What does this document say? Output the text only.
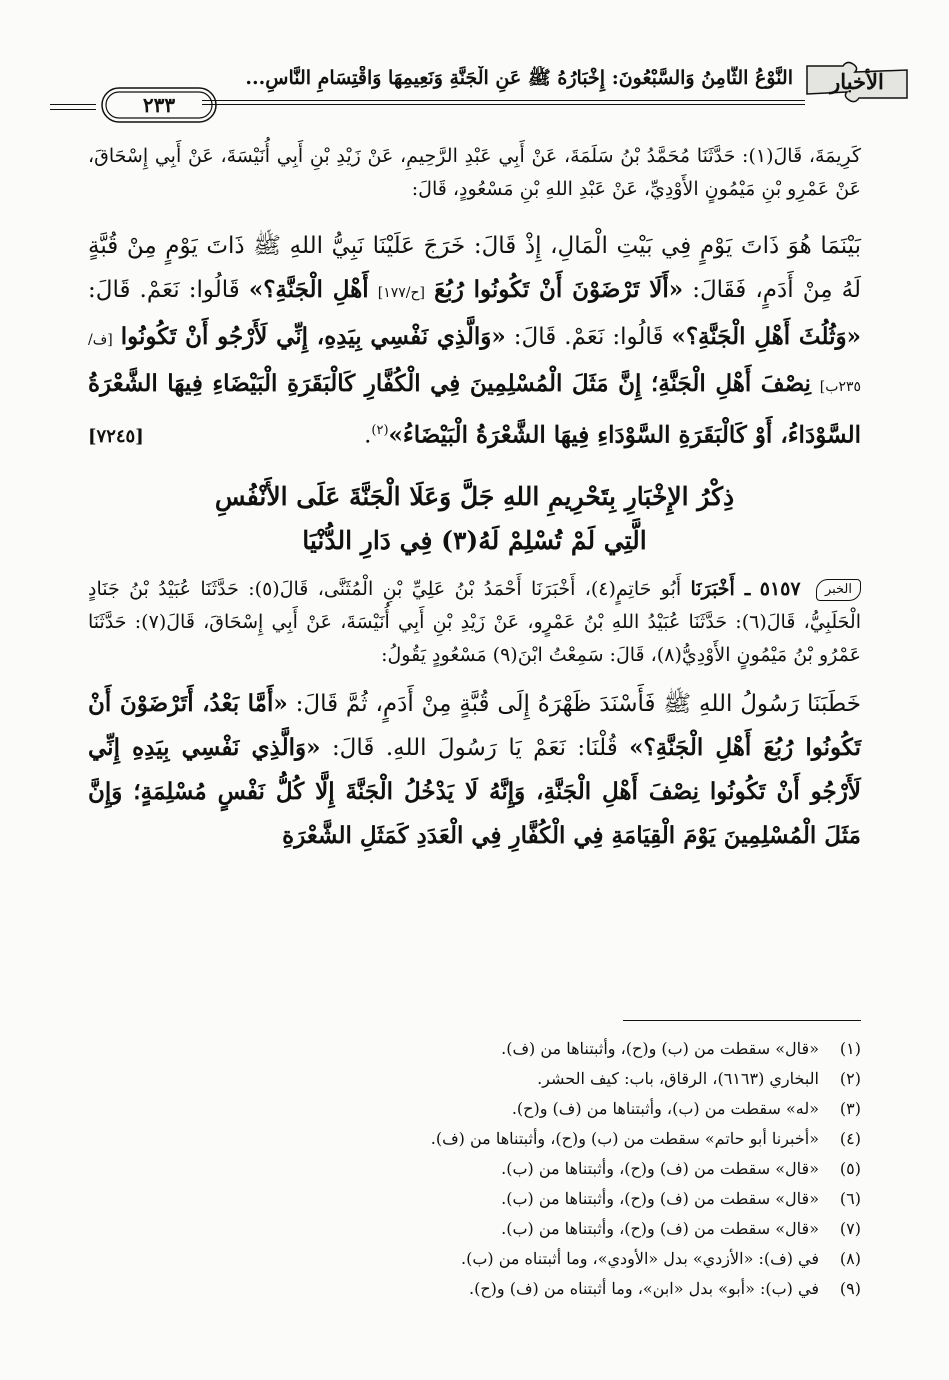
الأخبار
النَّوْعُ الثَّامِنُ وَالسَّبْعُونَ: إِخْبَارُهُ ﷺ عَنِ الْجَنَّةِ وَنَعِيمِهَا وَاقْتِسَامِ النَّاسِ...
٢٣٣

كَرِيمَةَ، قَالَ(١): حَدَّثَنَا مُحَمَّدُ بْنُ سَلَمَةَ، عَنْ أَبِي عَبْدِ الرَّحِيمِ، عَنْ زَيْدِ بْنِ أَبِي أُنَيْسَةَ، عَنْ أَبِي إِسْحَاقَ، عَنْ عَمْرِو بْنِ مَيْمُونٍ الأَوْدِيِّ، عَنْ عَبْدِ اللهِ بْنِ مَسْعُودٍ، قَالَ:

بَيْنَمَا هُوَ ذَاتَ يَوْمٍ فِي بَيْتِ الْمَالِ، إِذْ قَالَ: خَرَجَ عَلَيْنَا نَبِيُّ اللهِ ﷺ ذَاتَ يَوْمٍ مِنْ قُبَّةٍ لَهُ مِنْ أَدَمٍ، فَقَالَ: «أَلَا تَرْضَوْنَ أَنْ تَكُونُوا رُبُعَ [ح/١٧٧] أَهْلِ الْجَنَّةِ؟» قَالُوا: نَعَمْ. قَالَ: «وَثُلُثَ أَهْلِ الْجَنَّةِ؟» قَالُوا: نَعَمْ. قَالَ: «وَالَّذِي نَفْسِي بِيَدِهِ، إِنِّي لَأَرْجُو أَنْ تَكُونُوا [ف/٢٣٥ب] نِصْفَ أَهْلِ الْجَنَّةِ؛ إِنَّ مَثَلَ الْمُسْلِمِينَ فِي الْكُفَّارِ كَالْبَقَرَةِ الْبَيْضَاءِ فِيهَا الشَّعْرَةُ السَّوْدَاءُ، أَوْ كَالْبَقَرَةِ السَّوْدَاءِ فِيهَا الشَّعْرَةُ الْبَيْضَاءُ»$^{(٢)}$.

[٧٢٤٥]
ذِكْرُ الإِخْبَارِ بِتَحْرِيمِ اللهِ جَلَّ وَعَلَا الْجَنَّةَ عَلَى الأَنْفُسِ
الَّتِي لَمْ تُسْلِمْ لَهُ(٣) فِي دَارِ الدُّنْيَا

الخبر ٥١٥٧ ـ أَخْبَرَنَا أَبُو حَاتِمٍ(٤)، أَخْبَرَنَا أَحْمَدُ بْنُ عَلِيِّ بْنِ الْمُثَنَّى، قَالَ(٥): حَدَّثَنَا عُبَيْدُ بْنُ جَنَادٍ الْحَلَبِيُّ، قَالَ(٦): حَدَّثَنَا عُبَيْدُ اللهِ بْنُ عَمْرٍو، عَنْ زَيْدِ بْنِ أَبِي أُنَيْسَةَ، عَنْ أَبِي إِسْحَاقَ، قَالَ(٧): حَدَّثَنَا عَمْرُو بْنُ مَيْمُونٍ الأَوْدِيُّ(٨)، قَالَ: سَمِعْتُ ابْنَ(٩) مَسْعُودٍ يَقُولُ:

خَطَبَنَا رَسُولُ اللهِ ﷺ فَأَسْنَدَ ظَهْرَهُ إِلَى قُبَّةٍ مِنْ أَدَمٍ، ثُمَّ قَالَ: «أَمَّا بَعْدُ، أَتَرْضَوْنَ أَنْ تَكُونُوا رُبُعَ أَهْلِ الْجَنَّةِ؟» قُلْنَا: نَعَمْ يَا رَسُولَ اللهِ. قَالَ: «وَالَّذِي نَفْسِي بِيَدِهِ إِنِّي لَأَرْجُو أَنْ تَكُونُوا نِصْفَ أَهْلِ الْجَنَّةِ، وَإِنَّهُ لَا يَدْخُلُ الْجَنَّةَ إِلَّا كُلُّ نَفْسٍ مُسْلِمَةٍ؛ وَإِنَّ مَثَلَ الْمُسْلِمِينَ يَوْمَ الْقِيَامَةِ فِي الْكُفَّارِ فِي الْعَدَدِ كَمَثَلِ الشَّعْرَةِ

(١)«قال» سقطت من (ب) و(ح)، وأثبتناها من (ف).
(٢)البخاري (٦١٦٣)، الرقاق، باب: كيف الحشر.
(٣)«له» سقطت من (ب)، وأثبتناها من (ف) و(ح).
(٤)«أخبرنا أبو حاتم» سقطت من (ب) و(ح)، وأثبتناها من (ف).
(٥)«قال» سقطت من (ف) و(ح)، وأثبتناها من (ب).
(٦)«قال» سقطت من (ف) و(ح)، وأثبتناها من (ب).
(٧)«قال» سقطت من (ف) و(ح)، وأثبتناها من (ب).
(٨)في (ف): «الأزدي» بدل «الأودي»، وما أثبتناه من (ب).
(٩)في (ب): «أبو» بدل «ابن»، وما أثبتناه من (ف) و(ح).
